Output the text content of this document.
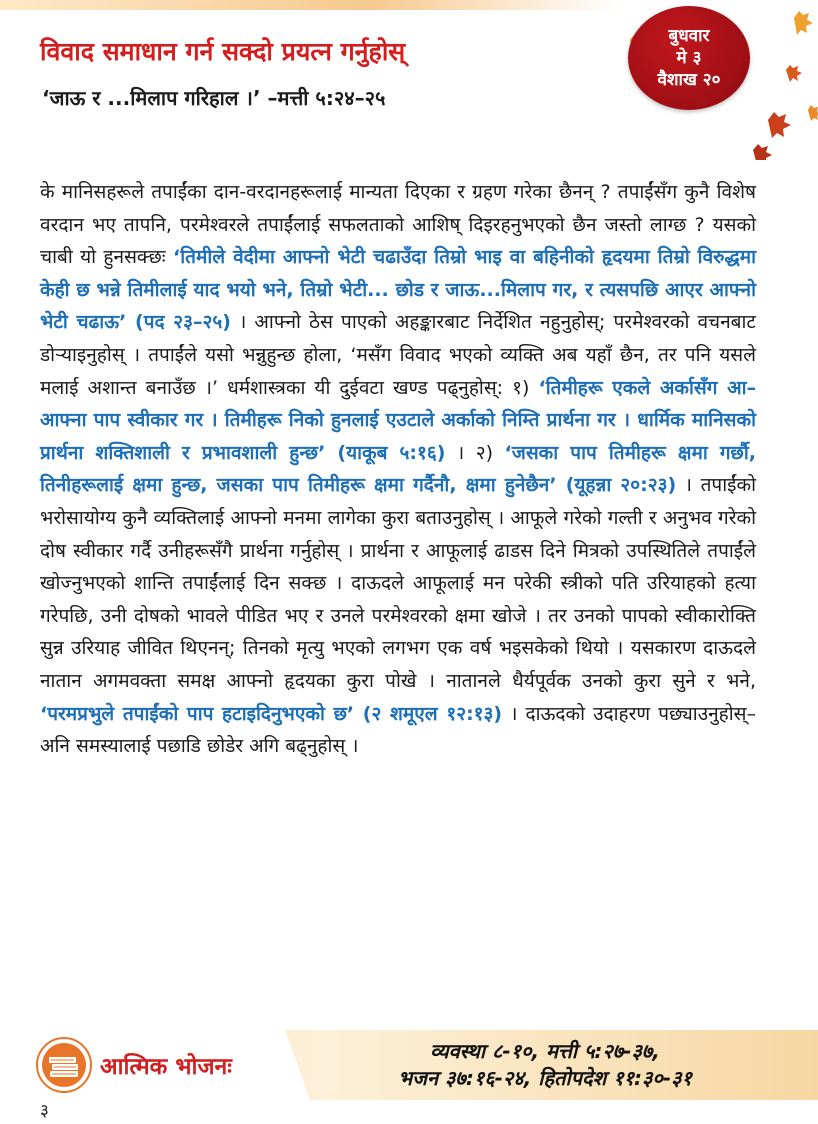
विवाद समाधान गर्न सक्दो प्रयत्न गर्नुहोस्
‘जाऊ र ...मिलाप गरिहाल ।’ –मत्ती ५:२४–२५
बुधवार
मे ३
वैशाख २०

के मानिसहरूले तपाईंका दान-वरदानहरूलाई मान्यता दिएका र ग्रहण गरेका छैनन् ? तपाईंसँग कुनै विशेष वरदान भए तापनि, परमेश्वरले तपाईंलाई सफलताको आशिष् दिइरहनुभएको छैन जस्तो लाग्छ ? यसको चाबी यो हुनसक्छः ‘तिमीले वेदीमा आफ्नो भेटी चढाउँदा तिम्रो भाइ वा बहिनीको हृदयमा तिम्रो विरुद्धमा केही छ भन्ने तिमीलाई याद भयो भने, तिम्रो भेटी... छोड र जाऊ...मिलाप गर, र त्यसपछि आएर आफ्नो भेटी चढाऊ’ (पद २३–२५) । आफ्नो ठेस पाएको अहङ्कारबाट निर्देशित नहुनुहोस्; परमेश्वरको वचनबाट डोऱ्याइनुहोस् । तपाईंले यसो भन्नुहुन्छ होला, ‘मसँग विवाद भएको व्यक्ति अब यहाँ छैन, तर पनि यसले मलाई अशान्त बनाउँछ ।’ धर्मशास्त्रका यी दुईवटा खण्ड पढ्नुहोस्: १) ‘तिमीहरू एकले अर्कासँग आ–आफ्ना पाप स्वीकार गर । तिमीहरू निको हुनलाई एउटाले अर्काको निम्ति प्रार्थना गर । धार्मिक मानिसको प्रार्थना शक्तिशाली र प्रभावशाली हुन्छ’ (याकूब ५:१६) । २) ‘जसका पाप तिमीहरू क्षमा गर्छौ, तिनीहरूलाई क्षमा हुन्छ, जसका पाप तिमीहरू क्षमा गर्दैनौ, क्षमा हुनेछैन’ (यूहन्ना २०:२३) । तपाईंको भरोसायोग्य कुनै व्यक्तिलाई आफ्नो मनमा लागेका कुरा बताउनुहोस् । आफूले गरेको गल्ती र अनुभव गरेको दोष स्वीकार गर्दै उनीहरूसँगै प्रार्थना गर्नुहोस् । प्रार्थना र आफूलाई ढाडस दिने मित्रको उपस्थितिले तपाईंले खोज्नुभएको शान्ति तपाईंलाई दिन सक्छ । दाऊदले आफूलाई मन परेकी स्त्रीको पति उरियाहको हत्या गरेपछि, उनी दोषको भावले पीडित भए र उनले परमेश्वरको क्षमा खोजे । तर उनको पापको स्वीकारोक्ति सुन्न उरियाह जीवित थिएनन्; तिनको मृत्यु भएको लगभग एक वर्ष भइसकेको थियो । यसकारण दाऊदले नातान अगमवक्ता समक्ष आफ्नो हृदयका कुरा पोखे । नातानले धैर्यपूर्वक उनको कुरा सुने र भने, ‘परमप्रभुले तपाईंको पाप हटाइदिनुभएको छ’ (२ शमूएल १२:१३) । दाऊदको उदाहरण पछ्याउनुहोस्– अनि समस्यालाई पछाडि छोडेर अगि बढ्नुहोस् ।

आत्मिक भोजनः
व्यवस्था ८-१०, मत्ती ५:२७-३७,
भजन ३७:१६-२४, हितोपदेश ११:३०-३१
३
